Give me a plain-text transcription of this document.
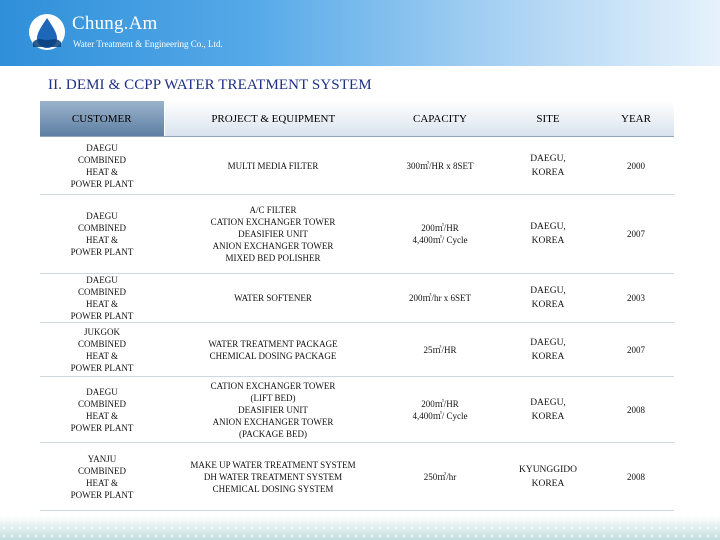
Chung.Am
Water Treatment & Engineering Co., Ltd.
II. DEMI & CCPP WATER TREATMENT SYSTEM
CUSTOMER	PROJECT & EQUIPMENT	CAPACITY	SITE	YEAR

DAEGU
COMBINED
HEAT &
POWER PLANT	MULTI MEDIA FILTER	300㎥/HR x 8SET	DAEGU,
KOREA	2000

DAEGU
COMBINED
HEAT &
POWER PLANT	A/C FILTER
CATION EXCHANGER TOWER
DEASIFIER UNIT
ANION EXCHANGER TOWER
MIXED BED POLISHER	200㎥/HR
4,400㎥/ Cycle	DAEGU,
KOREA	2007

DAEGU
COMBINED
HEAT &
POWER PLANT	WATER SOFTENER	200㎥/hr x 6SET	DAEGU,
KOREA	2003

JUKGOK
COMBINED
HEAT &
POWER PLANT	WATER TREATMENT PACKAGE
CHEMICAL DOSING PACKAGE	25㎥/HR	DAEGU,
KOREA	2007

DAEGU
COMBINED
HEAT &
POWER PLANT	CATION EXCHANGER TOWER
(LIFT BED)
DEASIFIER UNIT
ANION EXCHANGER TOWER
(PACKAGE BED)	200㎥/HR
4,400㎥/ Cycle	DAEGU,
KOREA	2008

YANJU
COMBINED
HEAT &
POWER PLANT	MAKE UP WATER TREATMENT SYSTEM
DH WATER TREATMENT SYSTEM
CHEMICAL DOSING SYSTEM	250㎥/hr	KYUNGGIDO
KOREA	2008
